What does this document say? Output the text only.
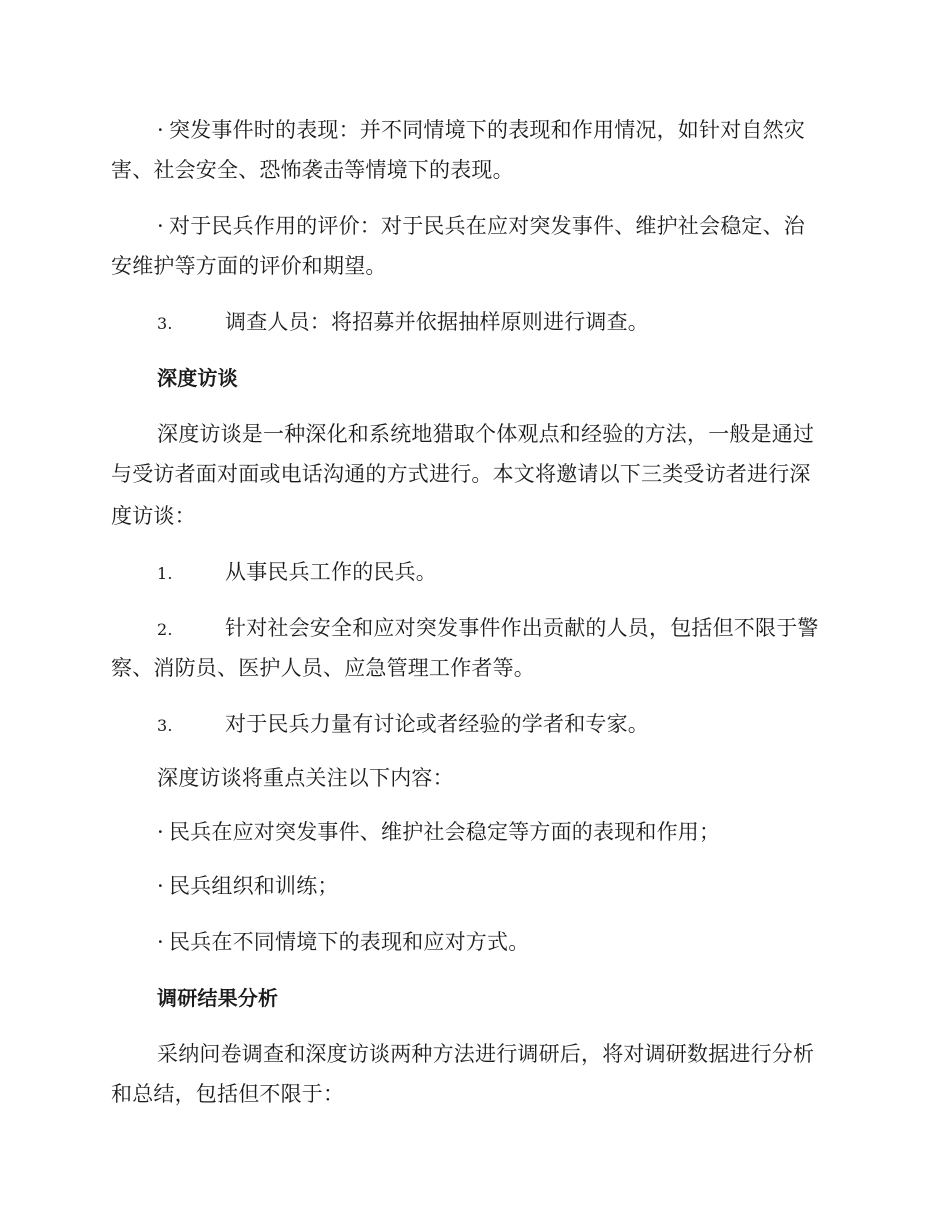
· 突发事件时的表现：并不同情境下的表现和作用情况，如针对自然灾
害、社会安全、恐怖袭击等情境下的表现。
· 对于民兵作用的评价：对于民兵在应对突发事件、维护社会稳定、治
安维护等方面的评价和期望。
3. 调查人员：将招募并依据抽样原则进行调查。
深度访谈
深度访谈是一种深化和系统地猎取个体观点和经验的方法，一般是通过
与受访者面对面或电话沟通的方式进行。本文将邀请以下三类受访者进行深
度访谈：
1. 从事民兵工作的民兵。
2. 针对社会安全和应对突发事件作出贡献的人员，包括但不限于警
察、消防员、医护人员、应急管理工作者等。
3. 对于民兵力量有讨论或者经验的学者和专家。
深度访谈将重点关注以下内容：
· 民兵在应对突发事件、维护社会稳定等方面的表现和作用；
· 民兵组织和训练；
· 民兵在不同情境下的表现和应对方式。
调研结果分析
采纳问卷调查和深度访谈两种方法进行调研后，将对调研数据进行分析
和总结，包括但不限于：
